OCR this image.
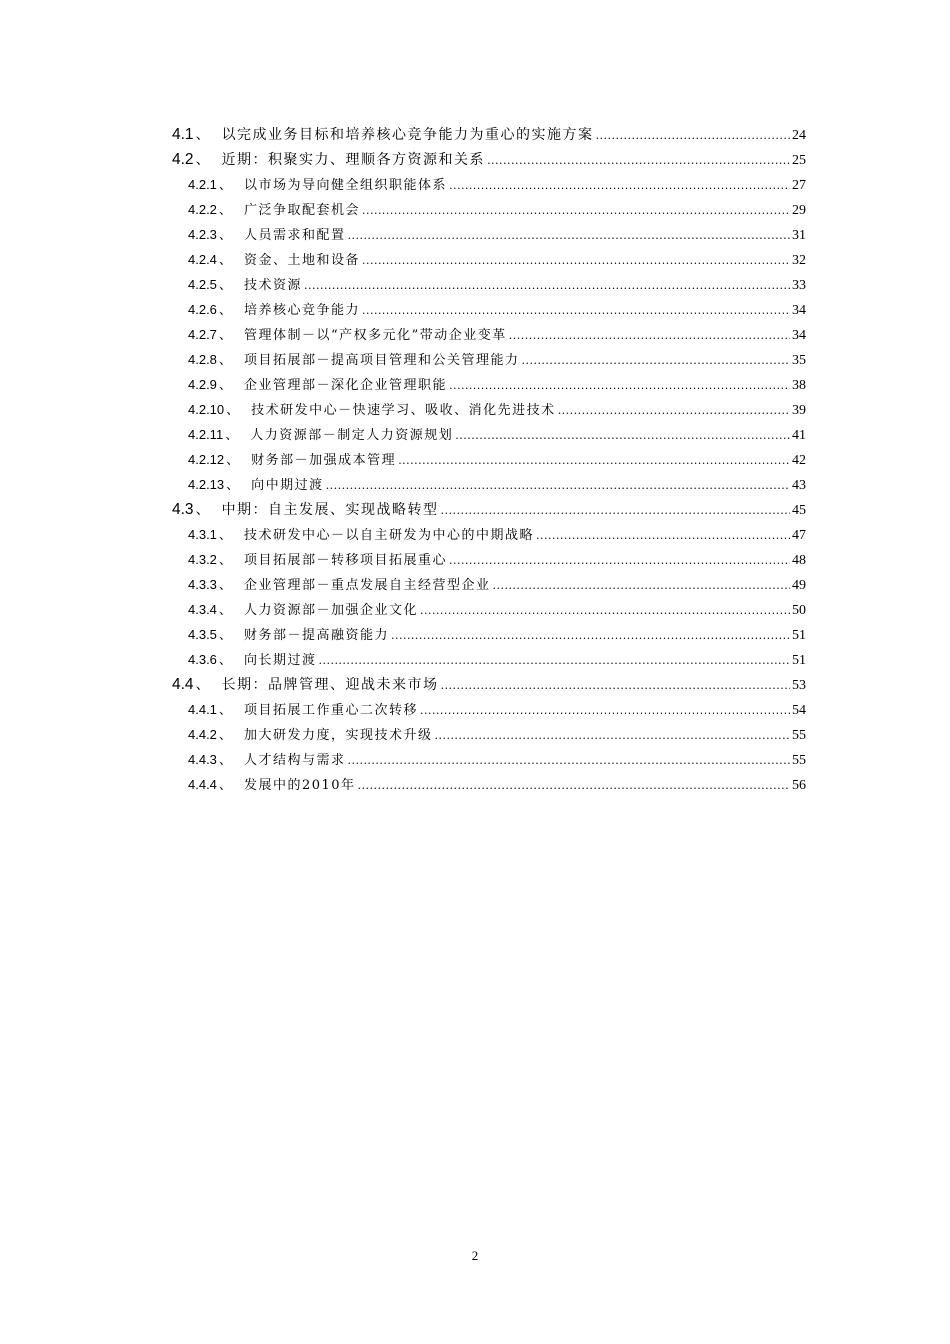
4.1 、 以完成业务目标和培养核心竞争能力为重心的实施方案 .....	24
4.2 、 近期：积聚实力、理顺各方资源和关系 .....	25
4.2.1 、 以市场为导向健全组织职能体系 .....	27
4.2.2 、 广泛争取配套机会 .....	29
4.2.3 、 人员需求和配置 .....	31
4.2.4 、 资金、土地和设备 .....	32
4.2.5 、 技术资源 .....	33
4.2.6 、 培养核心竞争能力 .....	34
4.2.7 、 管理体制－以“产权多元化”带动企业变革 .....	34
4.2.8 、 项目拓展部－提高项目管理和公关管理能力 .....	35
4.2.9 、 企业管理部－深化企业管理职能 .....	38
4.2.10 、 技术研发中心－快速学习、吸收、消化先进技术 .....	39
4.2.11 、 人力资源部－制定人力资源规划 .....	41
4.2.12 、 财务部－加强成本管理 .....	42
4.2.13 、 向中期过渡 .....	43
4.3 、 中期：自主发展、实现战略转型 .....	45
4.3.1 、 技术研发中心－以自主研发为中心的中期战略 .....	47
4.3.2 、 项目拓展部－转移项目拓展重心 .....	48
4.3.3 、 企业管理部－重点发展自主经营型企业 .....	49
4.3.4 、 人力资源部－加强企业文化 .....	50
4.3.5 、 财务部－提高融资能力 .....	51
4.3.6 、 向长期过渡 .....	51
4.4 、 长期：品牌管理、迎战未来市场 .....	53
4.4.1 、 项目拓展工作重心二次转移 .....	54
4.4.2 、 加大研发力度，实现技术升级 .....	55
4.4.3 、 人才结构与需求 .....	55
4.4.4 、 发展中的2010年 .....	56
2
